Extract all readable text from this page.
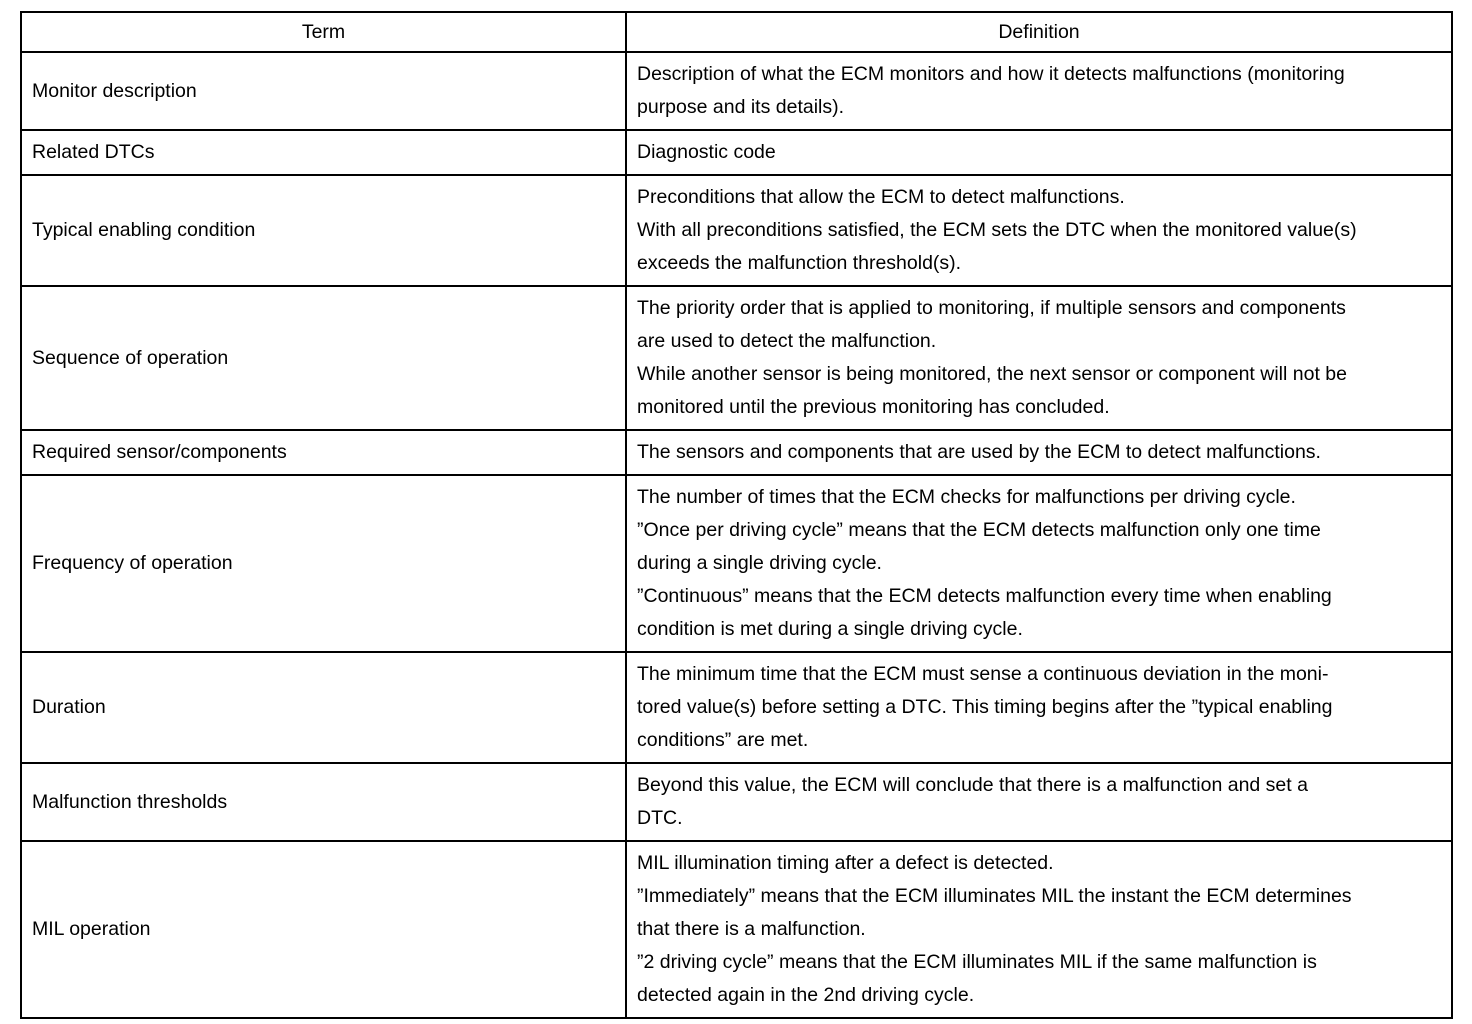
Term	Definition
Monitor description	Description of what the ECM monitors and how it detects malfunctions (monitoring
purpose and its details).

Related DTCs	Diagnostic code

Typical enabling condition	Preconditions that allow the ECM to detect malfunctions.
With all preconditions satisfied, the ECM sets the DTC when the monitored value(s)
exceeds the malfunction threshold(s).

Sequence of operation	The priority order that is applied to monitoring, if multiple sensors and components
are used to detect the malfunction.
While another sensor is being monitored, the next sensor or component will not be
monitored until the previous monitoring has concluded.

Required sensor/components	The sensors and components that are used by the ECM to detect malfunctions.

Frequency of operation	The number of times that the ECM checks for malfunctions per driving cycle.
”Once per driving cycle” means that the ECM detects malfunction only one time
during a single driving cycle.
”Continuous” means that the ECM detects malfunction every time when enabling
condition is met during a single driving cycle.

Duration	The minimum time that the ECM must sense a continuous deviation in the moni-
tored value(s) before setting a DTC. This timing begins after the ”typical enabling
conditions” are met.

Malfunction thresholds	Beyond this value, the ECM will conclude that there is a malfunction and set a
DTC.

MIL operation	MIL illumination timing after a defect is detected.
”Immediately” means that the ECM illuminates MIL the instant the ECM determines
that there is a malfunction.
”2 driving cycle” means that the ECM illuminates MIL if the same malfunction is
detected again in the 2nd driving cycle.
